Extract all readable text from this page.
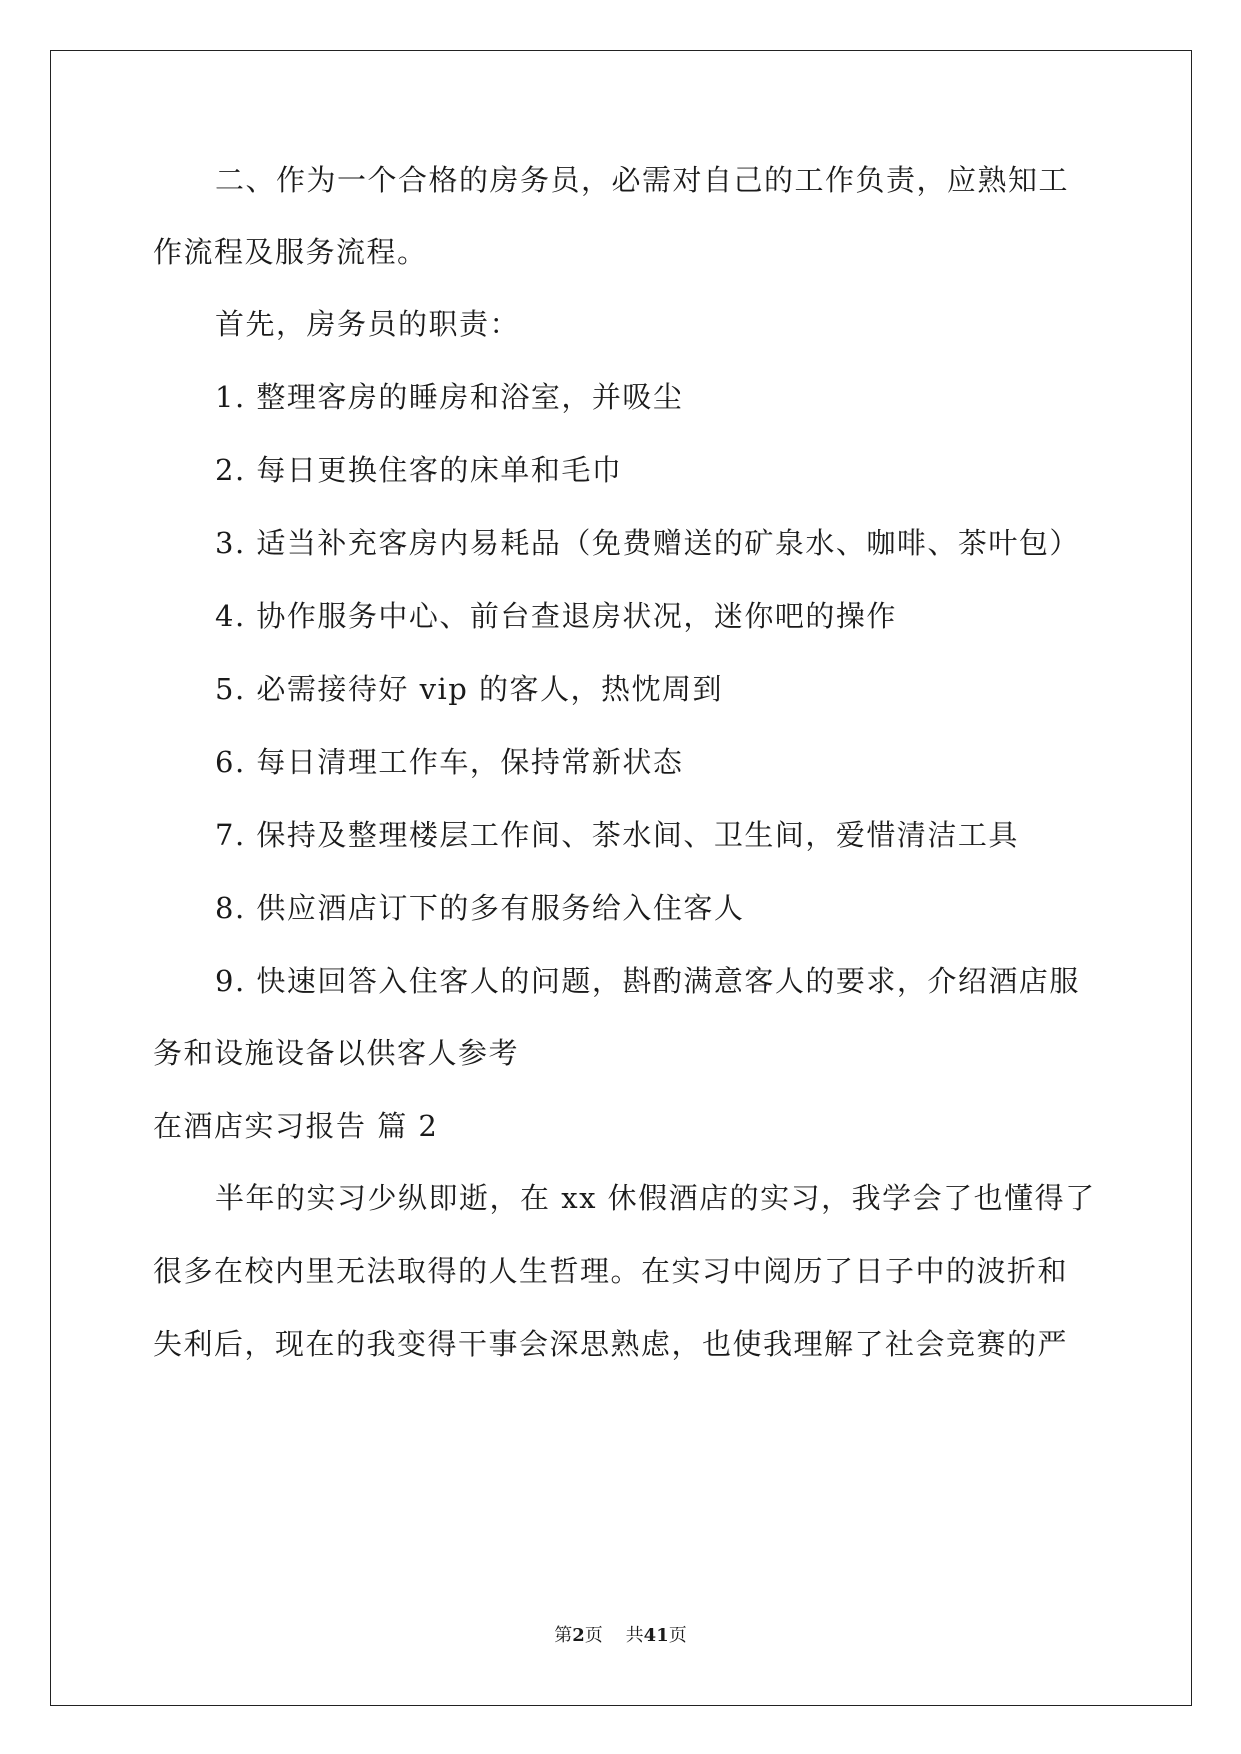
二、作为一个合格的房务员，必需对自己的工作负责，应熟知工
作流程及服务流程。
首先，房务员的职责：
1. 整理客房的睡房和浴室，并吸尘
2. 每日更换住客的床单和毛巾
3. 适当补充客房内易耗品（免费赠送的矿泉水、咖啡、茶叶包）
4. 协作服务中心、前台查退房状况，迷你吧的操作
5. 必需接待好 vip 的客人，热忱周到
6. 每日清理工作车，保持常新状态
7. 保持及整理楼层工作间、茶水间、卫生间，爱惜清洁工具
8. 供应酒店订下的多有服务给入住客人
9. 快速回答入住客人的问题，斟酌满意客人的要求，介绍酒店服
务和设施设备以供客人参考
在酒店实习报告 篇 2
半年的实习少纵即逝，在 xx 休假酒店的实习，我学会了也懂得了
很多在校内里无法取得的人生哲理。在实习中阅历了日子中的波折和
失利后，现在的我变得干事会深思熟虑，也使我理解了社会竞赛的严
第2页 共41页
